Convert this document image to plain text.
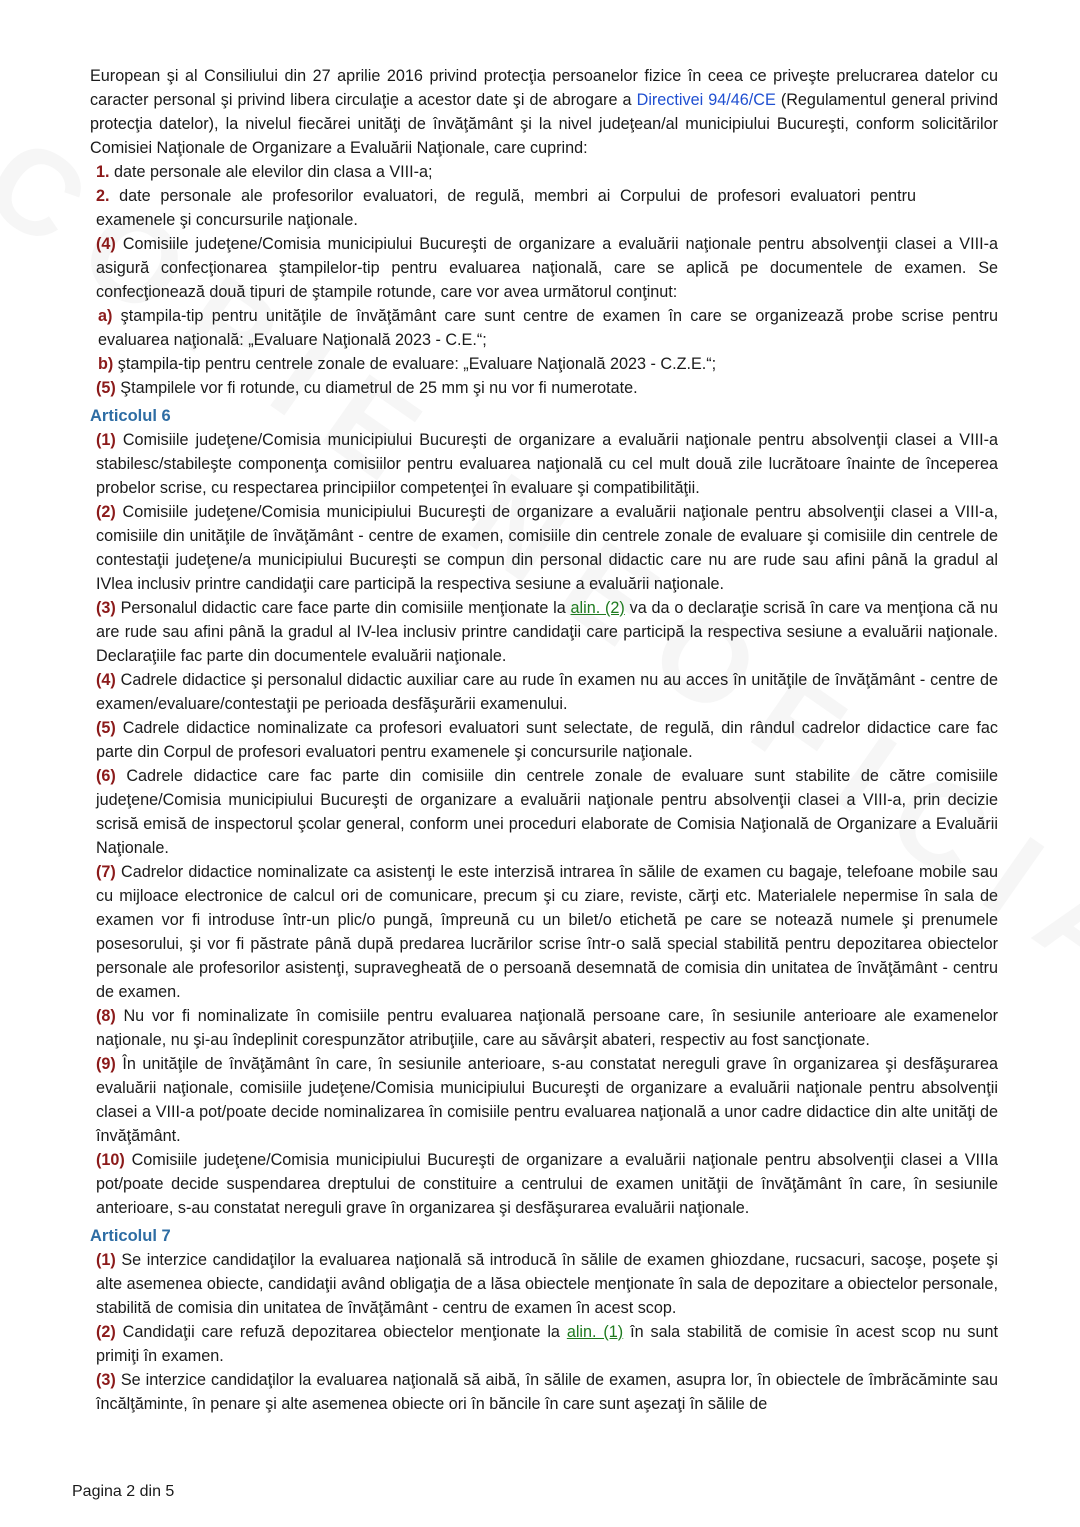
European şi al Consiliului din 27 aprilie 2016 privind protecţia persoanelor fizice în ceea ce priveşte prelucrarea datelor cu caracter personal şi privind libera circulaţie a acestor date şi de abrogare a Directivei 94/46/CE (Regulamentul general privind protecţia datelor), la nivelul fiecărei unităţi de învăţământ şi la nivel judeţean/al municipiului Bucureşti, conform solicitărilor Comisiei Naţionale de Organizare a Evaluării Naţionale, care cuprind:

1. date personale ale elevilor din clasa a VIII-a;

2. date personale ale profesorilor evaluatori, de regulă, membri ai Corpului de profesori evaluatori pentru examenele şi concursurile naţionale.

(4) Comisiile judeţene/Comisia municipiului Bucureşti de organizare a evaluării naţionale pentru absolvenţii clasei a VIII-a asigură confecţionarea ştampilelor-tip pentru evaluarea naţională, care se aplică pe documentele de examen. Se confecţionează două tipuri de ştampile rotunde, care vor avea următorul conţinut:

a) ştampila-tip pentru unităţile de învăţământ care sunt centre de examen în care se organizează probe scrise pentru evaluarea naţională: „Evaluare Naţională 2023 - C.E.“;

b) ştampila-tip pentru centrele zonale de evaluare: „Evaluare Naţională 2023 - C.Z.E.“;

(5) Ştampilele vor fi rotunde, cu diametrul de 25 mm şi nu vor fi numerotate.

Articolul 6

(1) Comisiile judeţene/Comisia municipiului Bucureşti de organizare a evaluării naţionale pentru absolvenţii clasei a VIII-a stabilesc/stabileşte componenţa comisiilor pentru evaluarea naţională cu cel mult două zile lucrătoare înainte de începerea probelor scrise, cu respectarea principiilor competenţei în evaluare şi compatibilităţii.

(2) Comisiile judeţene/Comisia municipiului Bucureşti de organizare a evaluării naţionale pentru absolvenţii clasei a VIII-a, comisiile din unităţile de învăţământ - centre de examen, comisiile din centrele zonale de evaluare şi comisiile din centrele de contestaţii judeţene/a municipiului Bucureşti se compun din personal didactic care nu are rude sau afini până la gradul al IVlea inclusiv printre candidaţii care participă la respectiva sesiune a evaluării naţionale.

(3) Personalul didactic care face parte din comisiile menţionate la alin. (2) va da o declaraţie scrisă în care va menţiona că nu are rude sau afini până la gradul al IV-lea inclusiv printre candidaţii care participă la respectiva sesiune a evaluării naţionale. Declaraţiile fac parte din documentele evaluării naţionale.

(4) Cadrele didactice şi personalul didactic auxiliar care au rude în examen nu au acces în unităţile de învăţământ - centre de examen/evaluare/contestaţii pe perioada desfăşurării examenului.

(5) Cadrele didactice nominalizate ca profesori evaluatori sunt selectate, de regulă, din rândul cadrelor didactice care fac parte din Corpul de profesori evaluatori pentru examenele şi concursurile naţionale.

(6) Cadrele didactice care fac parte din comisiile din centrele zonale de evaluare sunt stabilite de către comisiile judeţene/Comisia municipiului Bucureşti de organizare a evaluării naţionale pentru absolvenţii clasei a VIII-a, prin decizie scrisă emisă de inspectorul şcolar general, conform unei proceduri elaborate de Comisia Naţională de Organizare a Evaluării Naţionale.

(7) Cadrelor didactice nominalizate ca asistenţi le este interzisă intrarea în sălile de examen cu bagaje, telefoane mobile sau cu mijloace electronice de calcul ori de comunicare, precum şi cu ziare, reviste, cărţi etc. Materialele nepermise în sala de examen vor fi introduse într-un plic/o pungă, împreună cu un bilet/o etichetă pe care se notează numele şi prenumele posesorului, şi vor fi păstrate până după predarea lucrărilor scrise într-o sală special stabilită pentru depozitarea obiectelor personale ale profesorilor asistenţi, supravegheată de o persoană desemnată de comisia din unitatea de învăţământ - centru de examen.

(8) Nu vor fi nominalizate în comisiile pentru evaluarea naţională persoane care, în sesiunile anterioare ale examenelor naţionale, nu şi-au îndeplinit corespunzător atribuţiile, care au săvârşit abateri, respectiv au fost sancţionate.

(9) În unităţile de învăţământ în care, în sesiunile anterioare, s-au constatat nereguli grave în organizarea şi desfăşurarea evaluării naţionale, comisiile judeţene/Comisia municipiului Bucureşti de organizare a evaluării naţionale pentru absolvenţii clasei a VIII-a pot/poate decide nominalizarea în comisiile pentru evaluarea naţională a unor cadre didactice din alte unităţi de învăţământ.

(10) Comisiile judeţene/Comisia municipiului Bucureşti de organizare a evaluării naţionale pentru absolvenţii clasei a VIIIa pot/poate decide suspendarea dreptului de constituire a centrului de examen unităţii de învăţământ în care, în sesiunile anterioare, s-au constatat nereguli grave în organizarea şi desfăşurarea evaluării naţionale.

Articolul 7

(1) Se interzice candidaţilor la evaluarea naţională să introducă în sălile de examen ghiozdane, rucsacuri, sacoşe, poşete şi alte asemenea obiecte, candidaţii având obligaţia de a lăsa obiectele menţionate în sala de depozitare a obiectelor personale, stabilită de comisia din unitatea de învăţământ - centru de examen în acest scop.

(2) Candidaţii care refuză depozitarea obiectelor menţionate la alin. (1) în sala stabilită de comisie în acest scop nu sunt primiţi în examen.

(3) Se interzice candidaţilor la evaluarea naţională să aibă, în sălile de examen, asupra lor, în obiectele de îmbrăcăminte sau încălţăminte, în penare şi alte asemenea obiecte ori în băncile în care sunt aşezaţi în sălile de

Pagina 2 din 5
